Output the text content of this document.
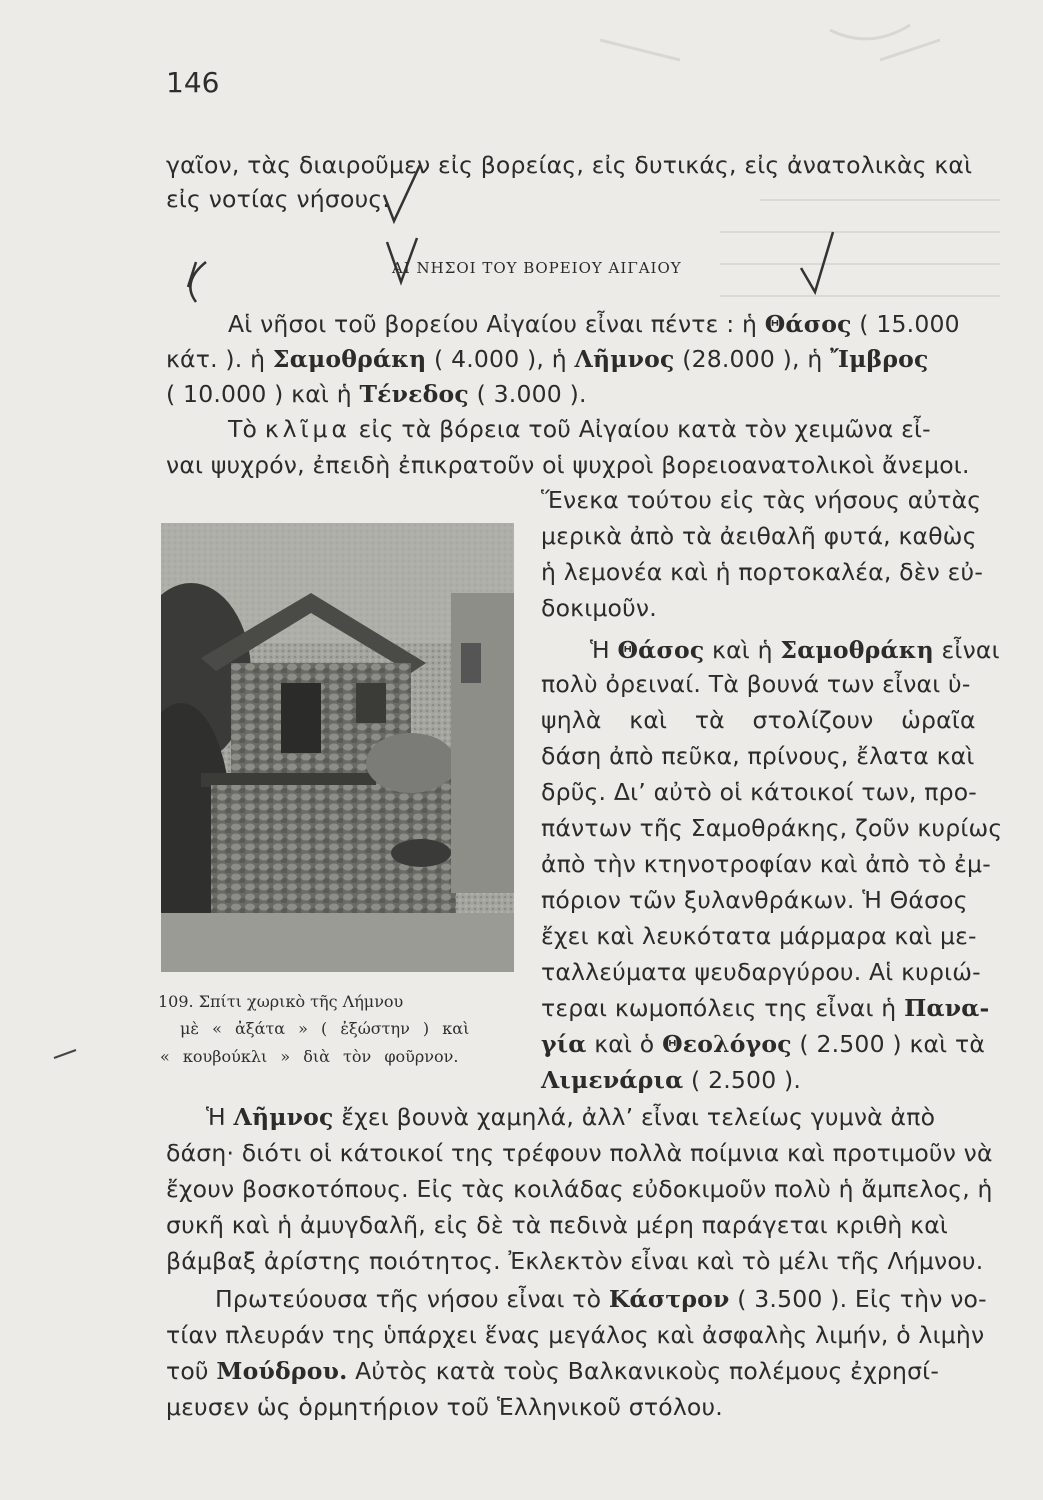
146
γαῖον, τὰς διαιροῦμεν εἰς βορείας, εἰς δυτικάς, εἰς ἀνατολικὰς καὶ
εἰς νοτίας νήσους.
ΑΙ ΝΗΣΟΙ ΤΟΥ ΒΟΡΕΙΟΥ ΑΙΓΑΙΟΥ
Αἱ νῆσοι τοῦ βορείου Αἰγαίου εἶναι πέντε : ἡ Θάσος ( 15.000
κάτ. ). ἡ Σαμοθράκη ( 4.000 ), ἡ Λῆμνος (28.000 ), ἡ Ἴμβρος
( 10.000 ) καὶ ἡ Τένεδος ( 3.000 ).
Τὸ κλῖμα εἰς τὰ βόρεια τοῦ Αἰγαίου κατὰ τὸν χειμῶνα εἶ-
ναι ψυχρόν, ἐπειδὴ ἐπικρατοῦν οἱ ψυχροὶ βορειοανατολικοὶ ἄνεμοι.
Ἕνεκα τούτου εἰς τὰς νήσους αὐτὰς
μερικὰ ἀπὸ τὰ ἀειθαλῆ φυτά, καθὼς
ἡ λεμονέα καὶ ἡ πορτοκαλέα, δὲν εὐ-
δοκιμοῦν.
Ἡ Θάσος καὶ ἡ Σαμοθράκη εἶναι
πολὺ ὀρειναί. Τὰ βουνά των εἶναι ὑ-
ψηλὰ καὶ τὰ στολίζουν ὡραῖα
δάση ἀπὸ πεῦκα, πρίνους, ἔλατα καὶ
δρῦς. Δι’ αὐτὸ οἱ κάτοικοί των, προ-
πάντων τῆς Σαμοθράκης, ζοῦν κυρίως
ἀπὸ τὴν κτηνοτροφίαν καὶ ἀπὸ τὸ ἐμ-
πόριον τῶν ξυλανθράκων. Ἡ Θάσος
ἔχει καὶ λευκότατα μάρμαρα καὶ με-
ταλλεύματα ψευδαργύρου. Αἱ κυριώ-
τεραι κωμοπόλεις της εἶναι ἡ Πανα-
γία καὶ ὁ Θεολόγος ( 2.500 ) καὶ τὰ
Λιμενάρια ( 2.500 ).
109. Σπίτι χωρικὸ τῆς Λήμνου
μὲ « ἀξάτα » ( ἐξώστην ) καὶ
« κουβούκλι » διὰ τὸν φοῦρνον.
Ἡ Λῆμνος ἔχει βουνὰ χαμηλά, ἀλλ’ εἶναι τελείως γυμνὰ ἀπὸ
δάση· διότι οἱ κάτοικοί της τρέφουν πολλὰ ποίμνια καὶ προτιμοῦν νὰ
ἔχουν βοσκοτόπους. Εἰς τὰς κοιλάδας εὐδοκιμοῦν πολὺ ἡ ἄμπελος, ἡ
συκῆ καὶ ἡ ἀμυγδαλῆ, εἰς δὲ τὰ πεδινὰ μέρη παράγεται κριθὴ καὶ
βάμβαξ ἀρίστης ποιότητος. Ἐκλεκτὸν εἶναι καὶ τὸ μέλι τῆς Λήμνου.
Πρωτεύουσα τῆς νήσου εἶναι τὸ Κάστρον ( 3.500 ). Εἰς τὴν νο-
τίαν πλευράν της ὑπάρχει ἕνας μεγάλος καὶ ἀσφαλὴς λιμήν, ὁ λιμὴν
τοῦ Μούδρου. Αὐτὸς κατὰ τοὺς Βαλκανικοὺς πολέμους ἐχρησί-
μευσεν ὡς ὁρμητήριον τοῦ Ἑλληνικοῦ στόλου.
